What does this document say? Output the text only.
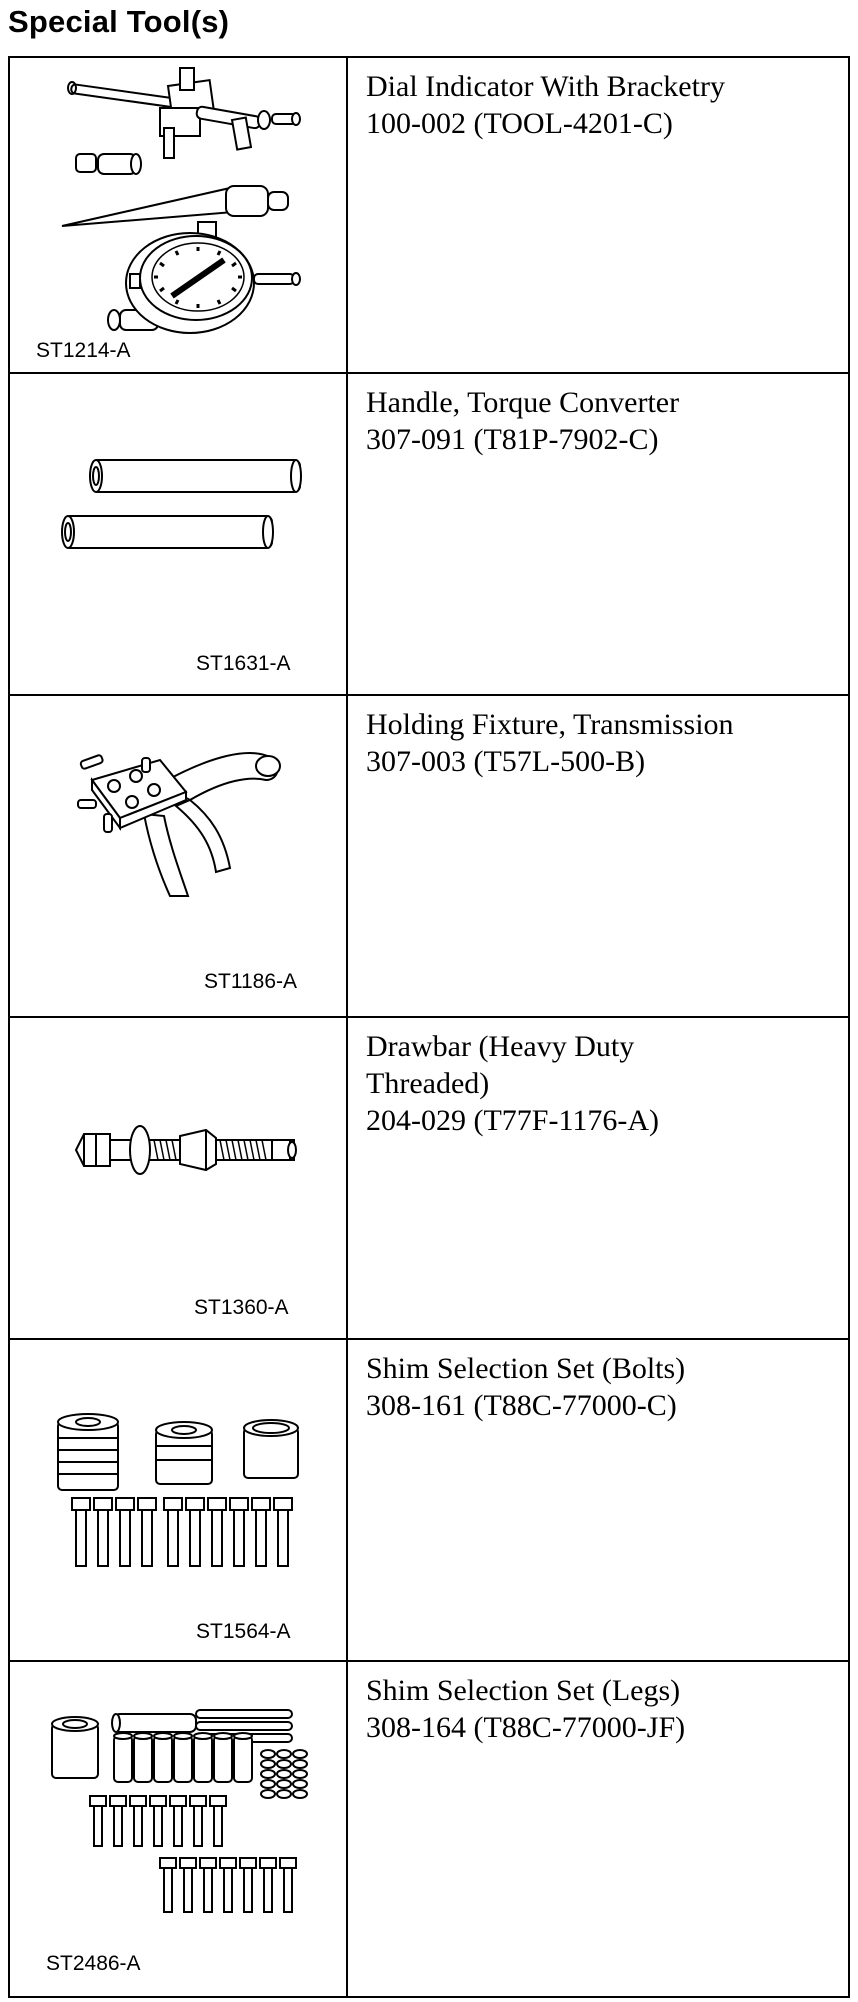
Special Tool(s)
ST1214-A
Dial Indicator With Bracketry
100-002 (TOOL-4201-C)
ST1631-A
Handle, Torque Converter
307-091 (T81P-7902-C)
ST1186-A
Holding Fixture, Transmission
307-003 (T57L-500-B)
ST1360-A
Drawbar (Heavy Duty
Threaded)
204-029 (T77F-1176-A)
ST1564-A
Shim Selection Set (Bolts)
308-161 (T88C-77000-C)
ST2486-A
Shim Selection Set (Legs)
308-164 (T88C-77000-JF)
